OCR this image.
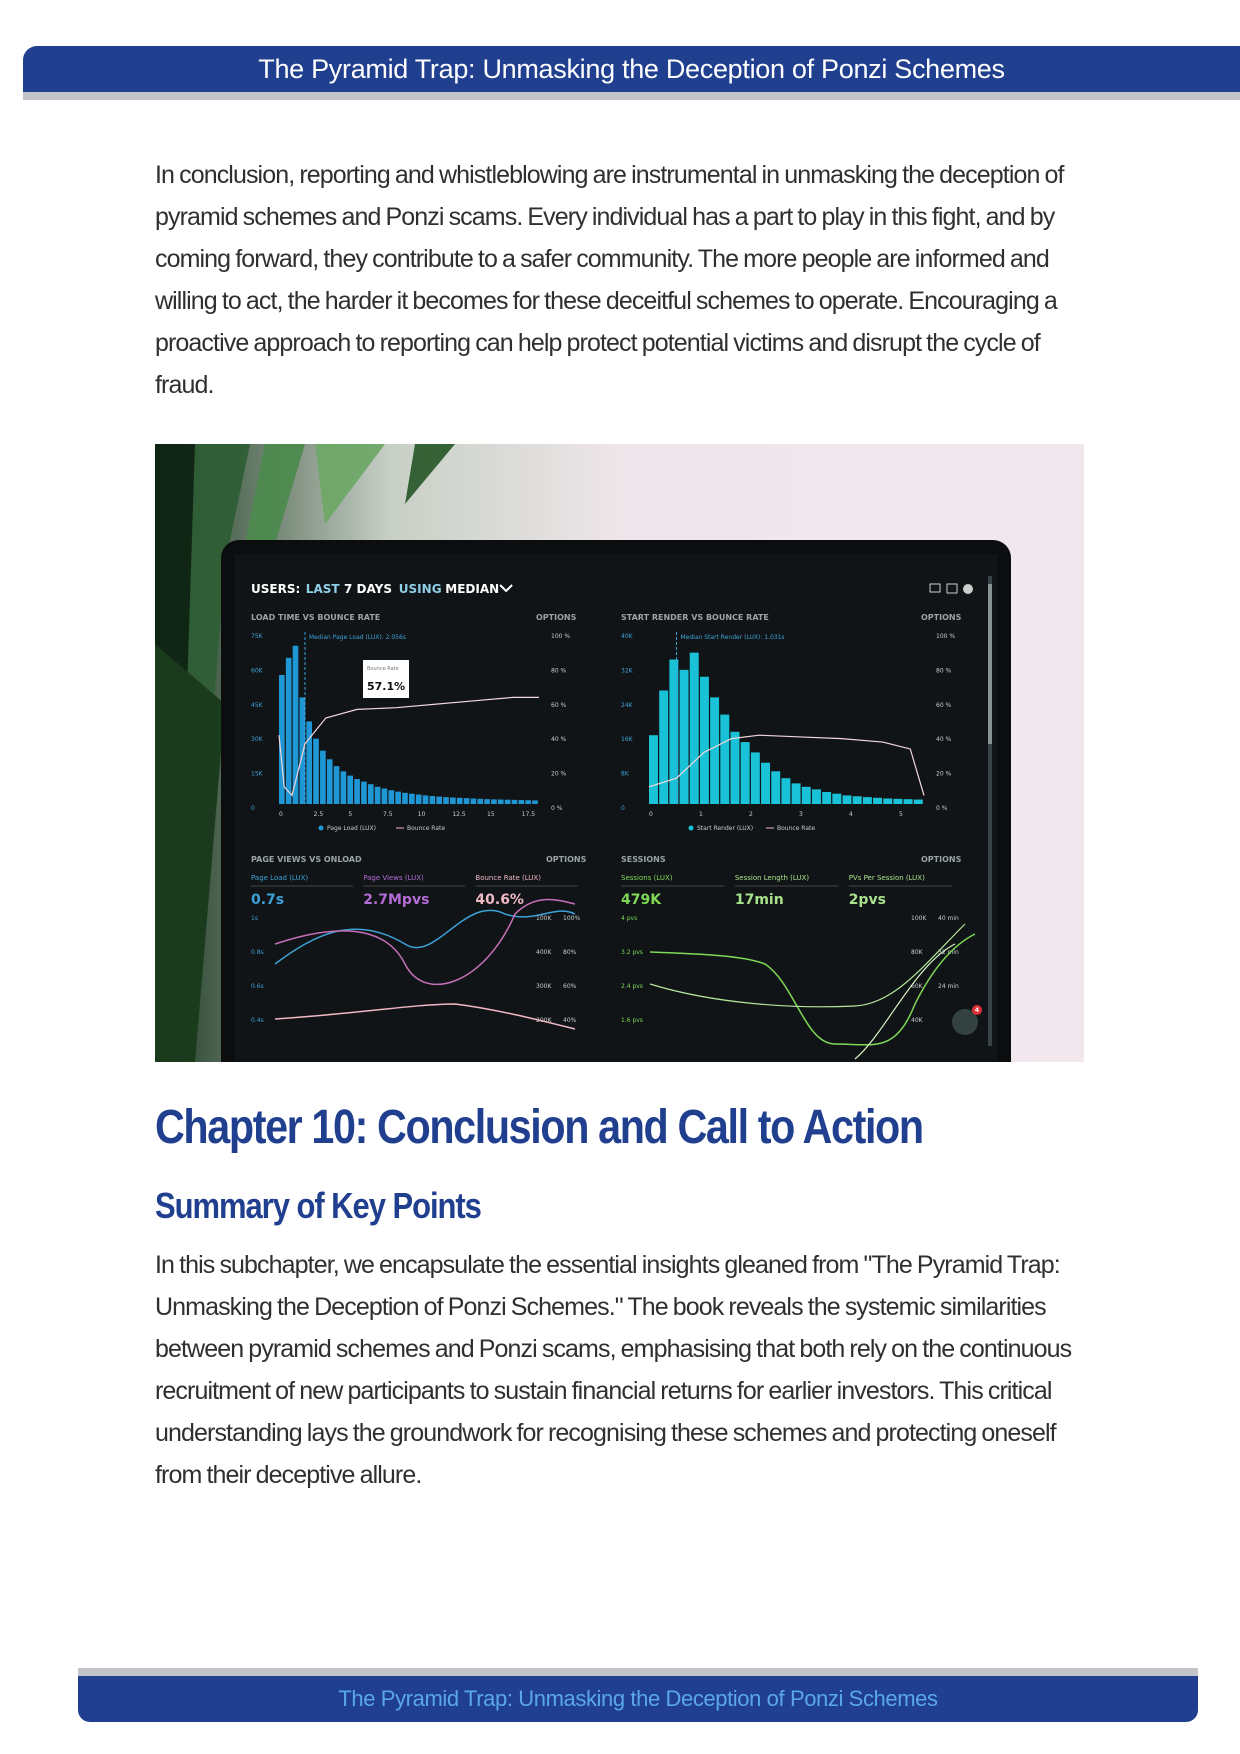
The Pyramid Trap: Unmasking the Deception of Ponzi Schemes
In conclusion, reporting and whistleblowing are instrumental in unmasking the deception of pyramid schemes and Ponzi scams. Every individual has a part to play in this fight, and by coming forward, they contribute to a safer community. The more people are informed and willing to act, the harder it becomes for these deceitful schemes to operate. Encouraging a proactive approach to reporting can help protect potential victims and disrupt the cycle of fraud.
USERS: LAST 7 DAYS USING MEDIAN
LOAD TIME VS BOUNCE RATE	OPTIONS
75K
60K
45K
30K
15K
0
100 %
80 %
60 %
40 %
20 %
0 %
0	2.5	5	7.5	10	12.5	15	17.5
Median Page Load (LUX): 2.056s
Page Load (LUX)	Bounce Rate
START RENDER VS BOUNCE RATE	OPTIONS
40K
32K
24K
16K
8K
0
100 %
80 %
60 %
40 %
20 %
0 %
0	1	2	3	4	5
Median Start Render (LUX): 1.031s
Start Render (LUX)	Bounce Rate
Bounce Rate
57.1%
PAGE VIEWS VS ONLOAD	OPTIONS
Page Load (LUX)
0.7s
Page Views (LUX)
2.7Mpvs
Bounce Rate (LUX)
40.6%
1s
0.8s
0.6s
0.4s
100K
400K
300K
200K
100%
80%
60%
40%
SESSIONS	OPTIONS
Sessions (LUX)
479K
Session Length (LUX)
17min
PVs Per Session (LUX)
2pvs
4 pvs
3.2 pvs
2.4 pvs
1.6 pvs
100K
80K
60K
40K
40 min
32 min
24 min
4
Chapter 10: Conclusion and Call to Action
Summary of Key Points
In this subchapter, we encapsulate the essential insights gleaned from "The Pyramid Trap: Unmasking the Deception of Ponzi Schemes." The book reveals the systemic similarities between pyramid schemes and Ponzi scams, emphasising that both rely on the continuous recruitment of new participants to sustain financial returns for earlier investors. This critical understanding lays the groundwork for recognising these schemes and protecting oneself from their deceptive allure.
The Pyramid Trap: Unmasking the Deception of Ponzi Schemes
